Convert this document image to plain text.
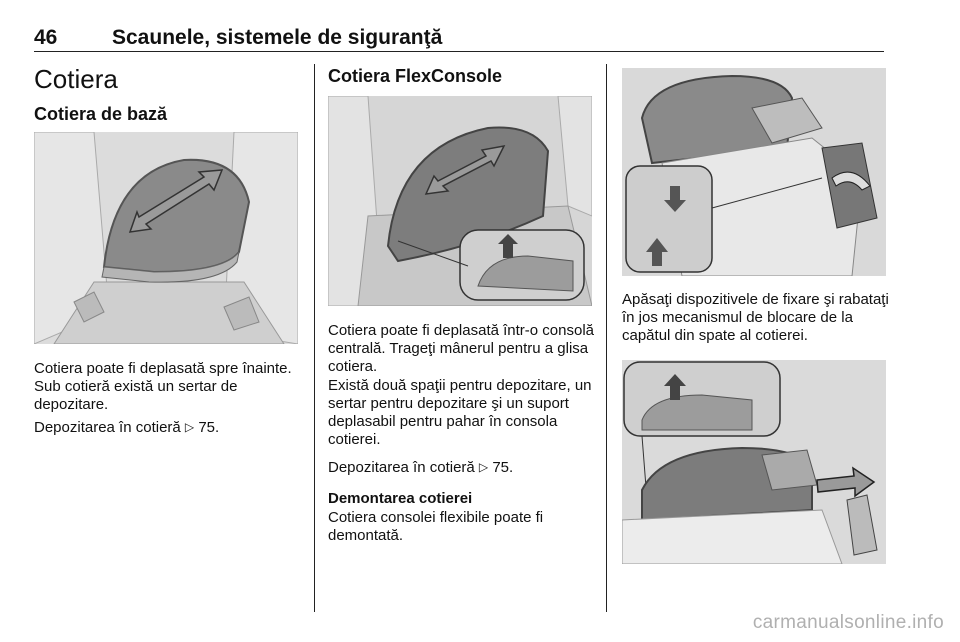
46	Scaunele, sistemele de siguranţă
Cotiera
Cotiera de bază
Cotiera poate fi deplasată spre înainte. Sub cotieră există un sertar de depozitare.
Depozitarea în cotieră ▷ 75.
Cotiera FlexConsole
Cotiera poate fi deplasată într-o consolă centrală. Trageţi mânerul pentru a glisa cotiera.
Există două spaţii pentru depozitare, un sertar pentru depozitare şi un suport deplasabil pentru pahar în consola cotierei.
Depozitarea în cotieră ▷ 75.
Demontarea cotierei
Cotiera consolei flexibile poate fi demontată.
Apăsaţi dispozitivele de fixare şi rabataţi în jos mecanismul de blocare de la capătul din spate al cotierei.
carmanualsonline.info
